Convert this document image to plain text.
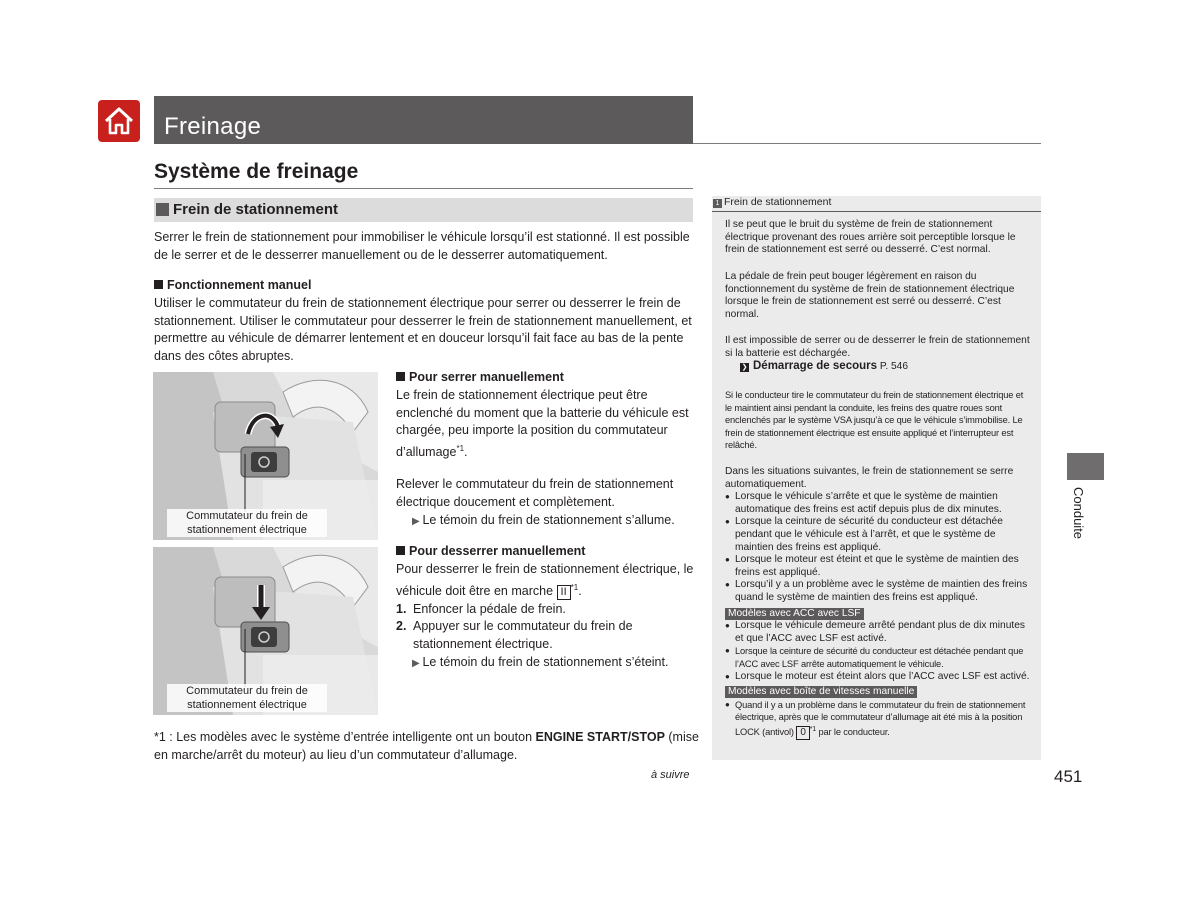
Freinage
Système de freinage
Frein de stationnement
Serrer le frein de stationnement pour immobiliser le véhicule lorsqu’il est stationné. Il est possible de le serrer et de le desserrer manuellement ou de le desserrer automatiquement.
Fonctionnement manuel
Utiliser le commutateur du frein de stationnement électrique pour serrer ou desserrer le frein de stationnement. Utiliser le commutateur pour desserrer le frein de stationnement manuellement, et permettre au véhicule de démarrer lentement et en douceur lorsqu’il fait face au bas de la pente dans des côtes abruptes.
Commutateur du frein de
stationnement électrique
Commutateur du frein de
stationnement électrique
Pour serrer manuellement
Le frein de stationnement électrique peut être enclenché du moment que la batterie du véhicule est chargée, peu importe la position du commutateur d’allumage$^{*1}$.
Relever le commutateur du frein de stationnement électrique doucement et complètement.
▶ Le témoin du frein de stationnement s’allume.
Pour desserrer manuellement
Pour desserrer le frein de stationnement électrique, le véhicule doit être en marche II $^{*1}$.
1. Enfoncer la pédale de frein.
2. Appuyer sur le commutateur du frein de stationnement électrique.
▶ Le témoin du frein de stationnement s’éteint.
*1 : Les modèles avec le système d’entrée intelligente ont un bouton ENGINE START/STOP (mise en marche/arrêt du moteur) au lieu d’un commutateur d’allumage.
1 Frein de stationnement
Il se peut que le bruit du système de frein de stationnement électrique provenant des roues arrière soit perceptible lorsque le frein de stationnement est serré ou desserré. C’est normal.
La pédale de frein peut bouger légèrement en raison du fonctionnement du système de frein de stationnement électrique lorsque le frein de stationnement est serré ou desserré. C’est normal.
Il est impossible de serrer ou de desserrer le frein de stationnement si la batterie est déchargée.
❯ Démarrage de secours P. 546
Si le conducteur tire le commutateur du frein de stationnement électrique et le maintient ainsi pendant la conduite, les freins des quatre roues sont enclenchés par le système VSA jusqu’à ce que le véhicule s’immobilise. Le frein de stationnement électrique est ensuite appliqué et l’interrupteur est relâché.
Dans les situations suivantes, le frein de stationnement se serre automatiquement.
● Lorsque le véhicule s’arrête et que le système de maintien automatique des freins est actif depuis plus de dix minutes.
● Lorsque la ceinture de sécurité du conducteur est détachée pendant que le véhicule est à l’arrêt, et que le système de maintien des freins est appliqué.
● Lorsque le moteur est éteint et que le système de maintien des freins est appliqué.
● Lorsqu’il y a un problème avec le système de maintien des freins quand le système de maintien des freins est appliqué.
Modèles avec ACC avec LSF
● Lorsque le véhicule demeure arrêté pendant plus de dix minutes et que l’ACC avec LSF est activé.
● Lorsque la ceinture de sécurité du conducteur est détachée pendant que l’ACC avec LSF arrête automatiquement le véhicule.
● Lorsque le moteur est éteint alors que l’ACC avec LSF est activé.
Modèles avec boîte de vitesses manuelle
● Quand il y a un problème dans le commutateur du frein de stationnement électrique, après que le commutateur d’allumage ait été mis à la position LOCK (antivol) 0 $^{*1}$ par le conducteur.
Conduite
à suivre	451
